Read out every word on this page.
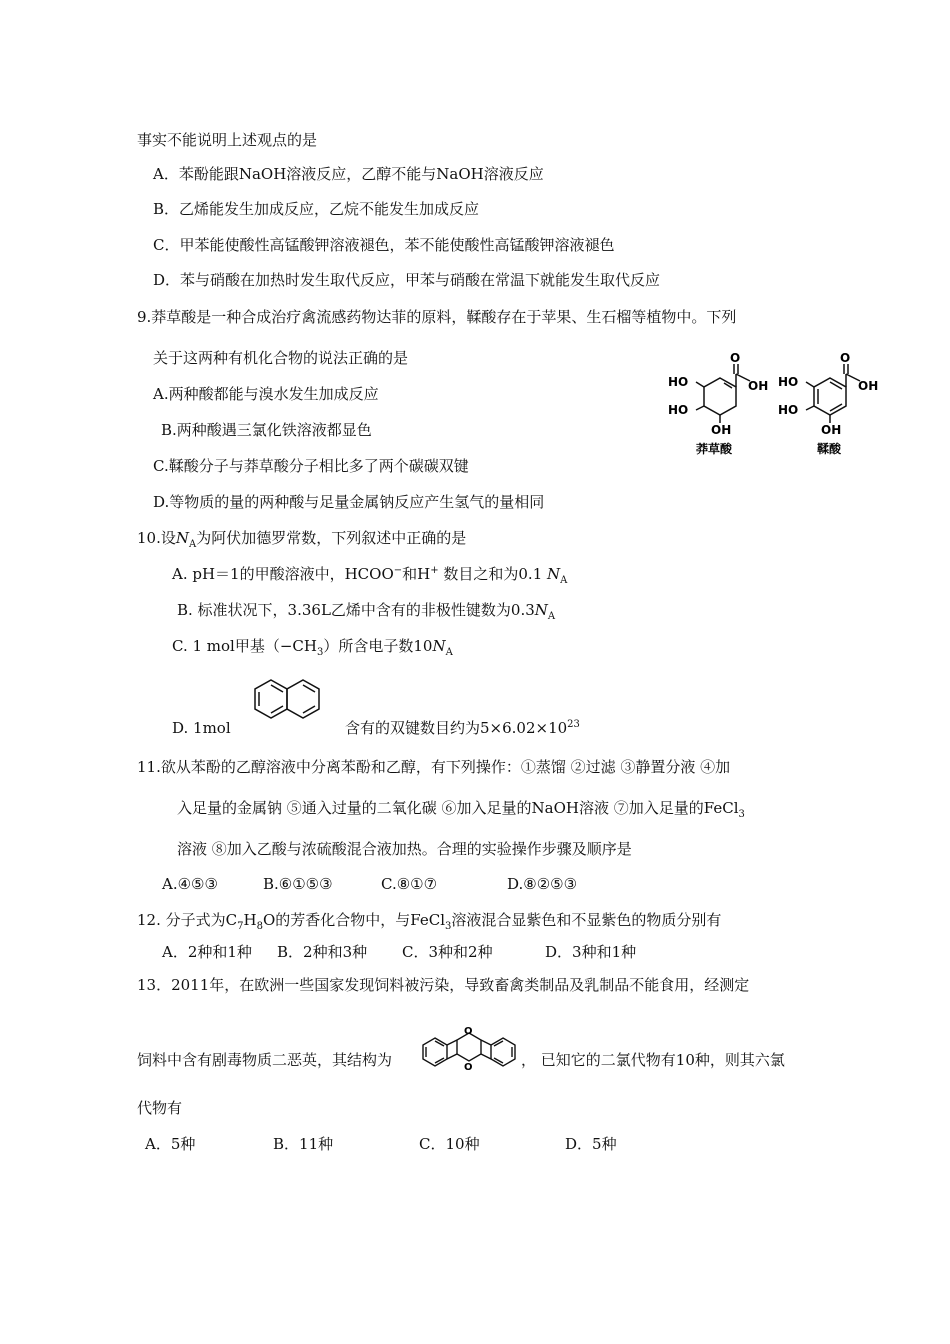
事实不能说明上述观点的是
A．苯酚能跟NaOH溶液反应，乙醇不能与NaOH溶液反应
B．乙烯能发生加成反应，乙烷不能发生加成反应
C．甲苯能使酸性高锰酸钾溶液褪色，苯不能使酸性高锰酸钾溶液褪色
D．苯与硝酸在加热时发生取代反应，甲苯与硝酸在常温下就能发生取代反应
9.莽草酸是一种合成治疗禽流感药物达菲的原料，鞣酸存在于苹果、生石榴等植物中。下列
关于这两种有机化合物的说法正确的是
A.两种酸都能与溴水发生加成反应
B.两种酸遇三氯化铁溶液都显色
C.鞣酸分子与莽草酸分子相比多了两个碳碳双键
D.等物质的量的两种酸与足量金属钠反应产生氢气的量相同
O
OH
HO
HO
OH
莽草酸
O
OH
HO
HO
OH
鞣酸
10.设$N_A$为阿伏加德罗常数，下列叙述中正确的是
A. pH＝1的甲酸溶液中，HCOO−和H+ 数目之和为0.1 $N_A$
B. 标准状况下，3.36L乙烯中含有的非极性键数为$0.3N_A$
C. 1 mol甲基$(-CH_3)$所含电子数$10N_A$
D. 1mol	含有的双键数目约为$5\times 6.02\times 10^{23}$
11.欲从苯酚的乙醇溶液中分离苯酚和乙醇，有下列操作：①蒸馏 ②过滤 ③静置分液 ④加
入足量的金属钠 ⑤通入过量的二氧化碳 ⑥加入足量的NaOH溶液 ⑦加入足量的FeCl$_3$
溶液 ⑧加入乙酸与浓硫酸混合液加热。合理的实验操作步骤及顺序是
A.④⑤③	B.⑥①⑤③	C.⑧①⑦	D.⑧②⑤③
12. 分子式为$C_7H_8O$的芳香化合物中，与FeCl$_3$溶液混合显紫色和不显紫色的物质分别有
A．2种和1种 B．2种和3种 C．3种和2种	D．3种和1种
13．2011年，在欧洲一些国家发现饲料被污染，导致畜禽类制品及乳制品不能食用，经测定
饲料中含有剧毒物质二恶英，其结构为
O
O	， 已知它的二氯代物有10种，则其六氯
代物有
A．5种	B．11种	C．10种	D．5种
